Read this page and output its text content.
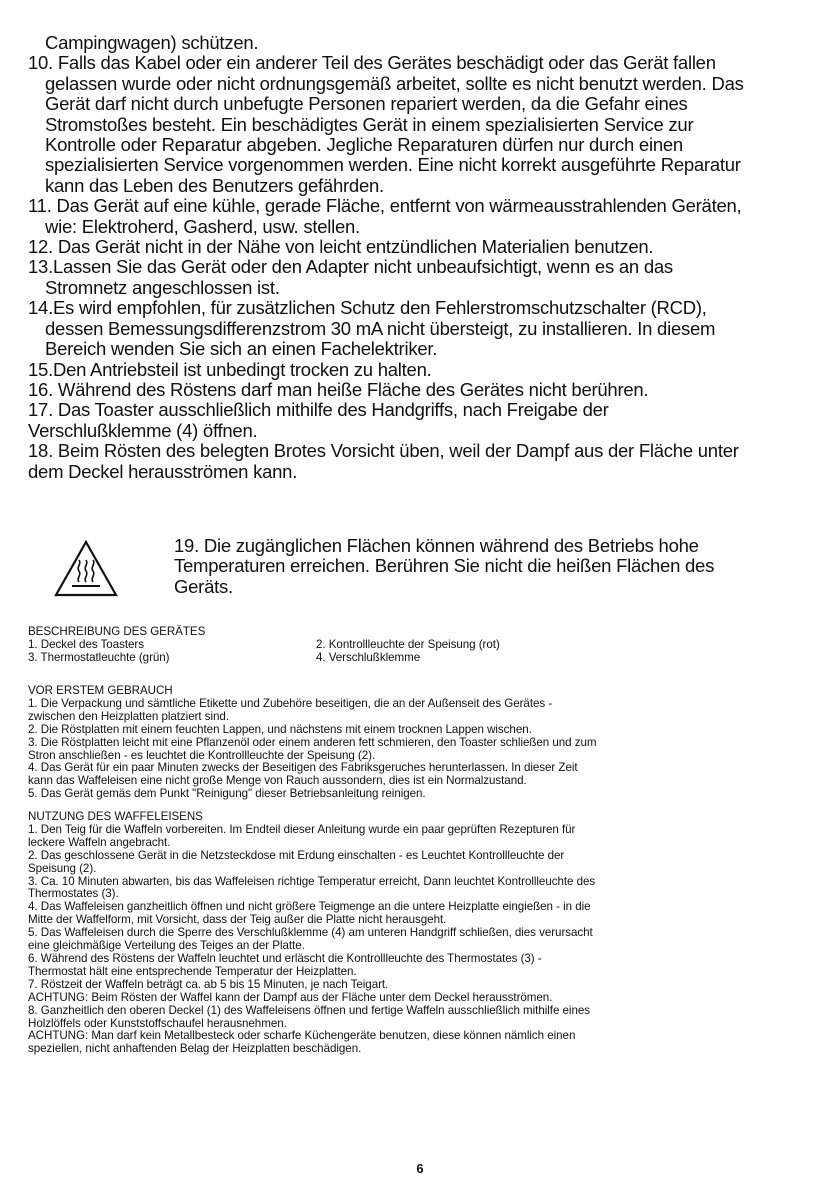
Campingwagen) schützen.

10. Falls das Kabel oder ein anderer Teil des Gerätes beschädigt oder das Gerät fallen

gelassen wurde oder nicht ordnungsgemäß arbeitet, sollte es nicht benutzt werden. Das

Gerät darf nicht durch unbefugte Personen repariert werden, da die Gefahr eines

Stromstoßes besteht. Ein beschädigtes Gerät in einem spezialisierten Service zur

Kontrolle oder Reparatur abgeben. Jegliche Reparaturen dürfen nur durch einen

spezialisierten Service vorgenommen werden. Eine nicht korrekt ausgeführte Reparatur

kann das Leben des Benutzers gefährden.

11. Das Gerät auf eine kühle, gerade Fläche, entfernt von wärmeausstrahlenden Geräten,

wie: Elektroherd, Gasherd, usw. stellen.

12. Das Gerät nicht in der Nähe von leicht entzündlichen Materialien benutzen.

13.Lassen Sie das Gerät oder den Adapter nicht unbeaufsichtigt, wenn es an das

Stromnetz angeschlossen ist.

14.Es wird empfohlen, für zusätzlichen Schutz den Fehlerstromschutzschalter (RCD),

dessen Bemessungsdifferenzstrom 30 mA nicht übersteigt, zu installieren. In diesem

Bereich wenden Sie sich an einen Fachelektriker.

15.Den Antriebsteil ist unbedingt trocken zu halten.

16. Während des Röstens darf man heiße Fläche des Gerätes nicht berühren.

17. Das Toaster ausschließlich mithilfe des Handgriffs, nach Freigabe der

Verschlußklemme (4) öffnen.

18. Beim Rösten des belegten Brotes Vorsicht üben, weil der Dampf aus der Fläche unter

dem Deckel herausströmen kann.

19. Die zugänglichen Flächen können während des Betriebs hohe

Temperaturen erreichen. Berühren Sie nicht die heißen Flächen des

Geräts.

BESCHREIBUNG DES GERÄTES

1. Deckel des Toasters	2. Kontrollleuchte der Speisung (rot)
3. Thermostatleuchte (grün)	4. Verschlußklemme

VOR ERSTEM GEBRAUCH

1. Die Verpackung und sämtliche Etikette und Zubehöre beseitigen, die an der Außenseit des Gerätes -

zwischen den Heizplatten platziert sind.

2. Die Röstplatten mit einem feuchten Lappen, und nächstens mit einem trocknen Lappen wischen.

3. Die Röstplatten leicht mit eine Pflanzenöl oder einem anderen fett schmieren, den Toaster schließen und zum

Stron anschließen - es leuchtet die Kontrollleuchte der Speisung (2).

4. Das Gerät für ein paar Minuten zwecks der Beseitigen des Fabriksgeruches herunterlassen. In dieser Zeit

kann das Waffeleisen eine nicht große Menge von Rauch aussondern, dies ist ein Normalzustand.

5. Das Gerät gemäs dem Punkt "Reinigung" dieser Betriebsanleitung reinigen.

NUTZUNG DES WAFFELEISENS

1. Den Teig für die Waffeln vorbereiten. Im Endteil dieser Anleitung wurde ein paar geprüften Rezepturen für

leckere Waffeln angebracht.

2. Das geschlossene Gerät in die Netzsteckdose mit Erdung einschalten - es Leuchtet Kontrollleuchte der

Speisung (2).

3. Ca. 10 Minuten abwarten, bis das Waffeleisen richtige Temperatur erreicht, Dann leuchtet Kontrollleuchte des

Thermostates (3).

4. Das Waffeleisen ganzheitlich öffnen und nicht größere Teigmenge an die untere Heizplatte eingießen - in die

Mitte der Waffelform, mit Vorsicht, dass der Teig außer die Platte nicht herausgeht.

5. Das Waffeleisen durch die Sperre des Verschlußklemme (4) am unteren Handgriff schließen, dies verursacht

eine gleichmäßige Verteilung des Teiges an der Platte.

6. Während des Röstens der Waffeln leuchtet und erläscht die Kontrollleuchte des Thermostates (3) -

Thermostat hält eine entsprechende Temperatur der Heizplatten.

7. Röstzeit der Waffeln beträgt ca. ab 5 bis 15 Minuten, je nach Teigart.

ACHTUNG: Beim Rösten der Waffel kann der Dampf aus der Fläche unter dem Deckel herausströmen.

8. Ganzheitlich den oberen Deckel (1) des Waffeleisens öffnen und fertige Waffeln ausschließlich mithilfe eines

Holzlöffels oder Kunststoffschaufel herausnehmen.

ACHTUNG: Man darf kein Metallbesteck oder scharfe Küchengeräte benutzen, diese können nämlich einen

speziellen, nicht anhaftenden Belag der Heizplatten beschädigen.

6
